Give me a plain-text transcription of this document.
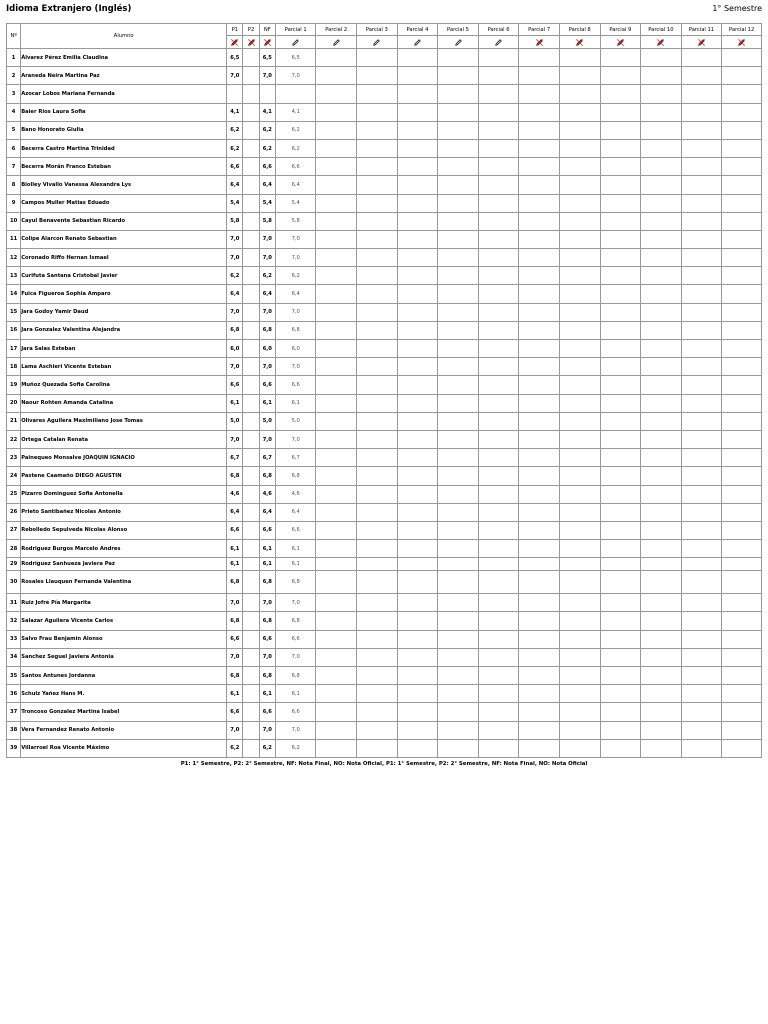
Idioma Extranjero (Inglés)	1° Semestre
Nº	Alumno	P1	P2	NF	Parcial 1	Parcial 2	Parcial 3	Parcial 4	Parcial 5	Parcial 6	Parcial 7	Parcial 8	Parcial 9	Parcial 10	Parcial 11	Parcial 12

1	Álvarez Pérez Emilia Claudina	6,5		6,5	6,5											
2	Araneda Neira Martina Paz	7,0		7,0	7,0											
3	Azocar Lobos Mariana Fernanda															
4	Baier Rios Laura Sofia	4,1		4,1	4,1											
5	Bano Honorato Giulia	6,2		6,2	6,2											
6	Becerra Castro Martina Trinidad	6,2		6,2	6,2											
7	Becerra Morán Franco Esteban	6,6		6,6	6,6											
8	Biolley Vivallo Vanessa Alexandra Lys	6,4		6,4	6,4											
9	Campos Muller Matias Eduado	5,4		5,4	5,4											
10	Cayul Benavente Sebastian Ricardo	5,8		5,8	5,8											
11	Colipe Alarcon Renato Sebastian	7,0		7,0	7,0											
12	Coronado Riffo Hernan Ismael	7,0		7,0	7,0											
13	Curifuta Santana Cristobal Javier	6,2		6,2	6,2											
14	Fuica Figueroa Sophia Amparo	6,4		6,4	6,4											
15	Jara Godoy Yamir Daud	7,0		7,0	7,0											
16	Jara Gonzalez Valentina Alejandra	6,8		6,8	6,8											
17	Jara Salas Esteban	6,0		6,0	6,0											
18	Lama Aschieri Vicente Esteban	7,0		7,0	7,0											
19	Muñoz Quezada Sofia Carolina	6,6		6,6	6,6											
20	Naour Rohten Amanda Catalina	6,1		6,1	6,1											
21	Olivares Aguilera Maximiliano Jose Tomas	5,0		5,0	5,0											
22	Ortega Catalan Renata	7,0		7,0	7,0											
23	Painequeo Monsalve JOAQUIN IGNACIO	6,7		6,7	6,7											
24	Pastene Caamaño DIEGO AGUSTIN	6,8		6,8	6,8											
25	Pizarro Dominguez Sofia Antonella	4,6		4,6	4,6											
26	Prieto Santibañez Nicolas Antonio	6,4		6,4	6,4											
27	Rebolledo Sepulveda Nicolas Alonso	6,6		6,6	6,6											
28	Rodriguez Burgos Marcelo Andres	6,1		6,1	6,1											
29	Rodriguez Sanhueza Javiera Paz	6,1		6,1	6,1											
30	Rosales Llauquen Fernanda Valentina	6,8		6,8	6,8											
31	Ruiz Jofré Pía Margarita	7,0		7,0	7,0											
32	Salazar Aguilera Vicente Carlos	6,8		6,8	6,8											
33	Salvo Frau Benjamin Alonso	6,6		6,6	6,6											
34	Sanchez Seguel Javiera Antonia	7,0		7,0	7,0											
35	Santos Antunes Jordanna	6,8		6,8	6,8											
36	Schulz Yañez Hans M.	6,1		6,1	6,1											
37	Troncoso Gonzalez Martina Isabel	6,6		6,6	6,6											
38	Vera Fernandez Renato Antonio	7,0		7,0	7,0											
39	Villarroel Roa Vicente Máximo	6,2		6,2	6,2											
P1: 1° Semestre, P2: 2° Semestre, NF: Nota Final, NO: Nota Oficial, P1: 1° Semestre, P2: 2° Semestre, NF: Nota Final, NO: Nota Oficial
